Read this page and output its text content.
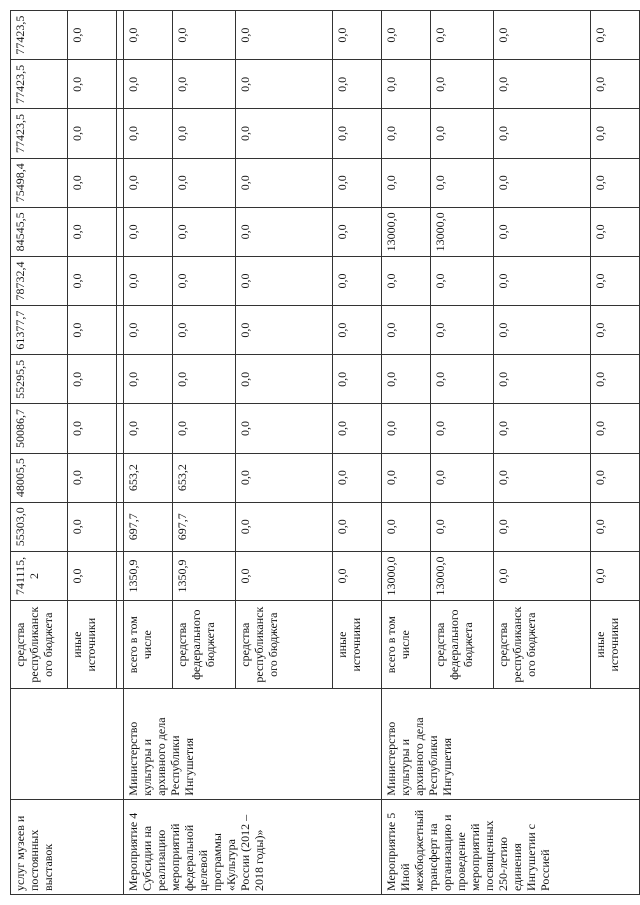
услуг музеев и постоянных выставок		средства республиканского бюджета	741115,2	55303,0	48005,5	50086,7	55295,5	61377,7	78732,4	84545,5	75498,4	77423,5	77423,5	77423,5
		иные источники	0,0	0,0	0,0	0,0	0,0	0,0	0,0	0,0	0,0	0,0	0,0	0,0

Мероприятие 4 Субсидии на реализацию мероприятий федеральной целевой программы «Культура России (2012 – 2018 годы)»	Министерство культуры и архивного дела Республики Ингушетия	всего в том числе	1350,9	697,7	653,2	0,0	0,0	0,0	0,0	0,0	0,0	0,0	0,0	0,0
		средства федерального бюджета	1350,9	697,7	653,2	0,0	0,0	0,0	0,0	0,0	0,0	0,0	0,0	0,0
		средства республиканского бюджета	0,0	0,0	0,0	0,0	0,0	0,0	0,0	0,0	0,0	0,0	0,0	0,0
		иные источники	0,0	0,0	0,0	0,0	0,0	0,0	0,0	0,0	0,0	0,0	0,0	0,0
Мероприятие 5 Иной межбюджетный трансферт на организацию и проведение мероприятий посвященных 250-летию единения Ингушетии с Россией	Министерство культуры и архивного дела Республики Ингушетия	всего в том числе	13000,0	0,0	0,0	0,0	0,0	0,0	0,0	13000,0	0,0	0,0	0,0	0,0
		средства федерального бюджета	13000,0	0,0	0,0	0,0	0,0	0,0	0,0	13000,0	0,0	0,0	0,0	0,0
		средства республиканского бюджета	0,0	0,0	0,0	0,0	0,0	0,0	0,0	0,0	0,0	0,0	0,0	0,0
		иные источники	0,0	0,0	0,0	0,0	0,0	0,0	0,0	0,0	0,0	0,0	0,0	0,0
